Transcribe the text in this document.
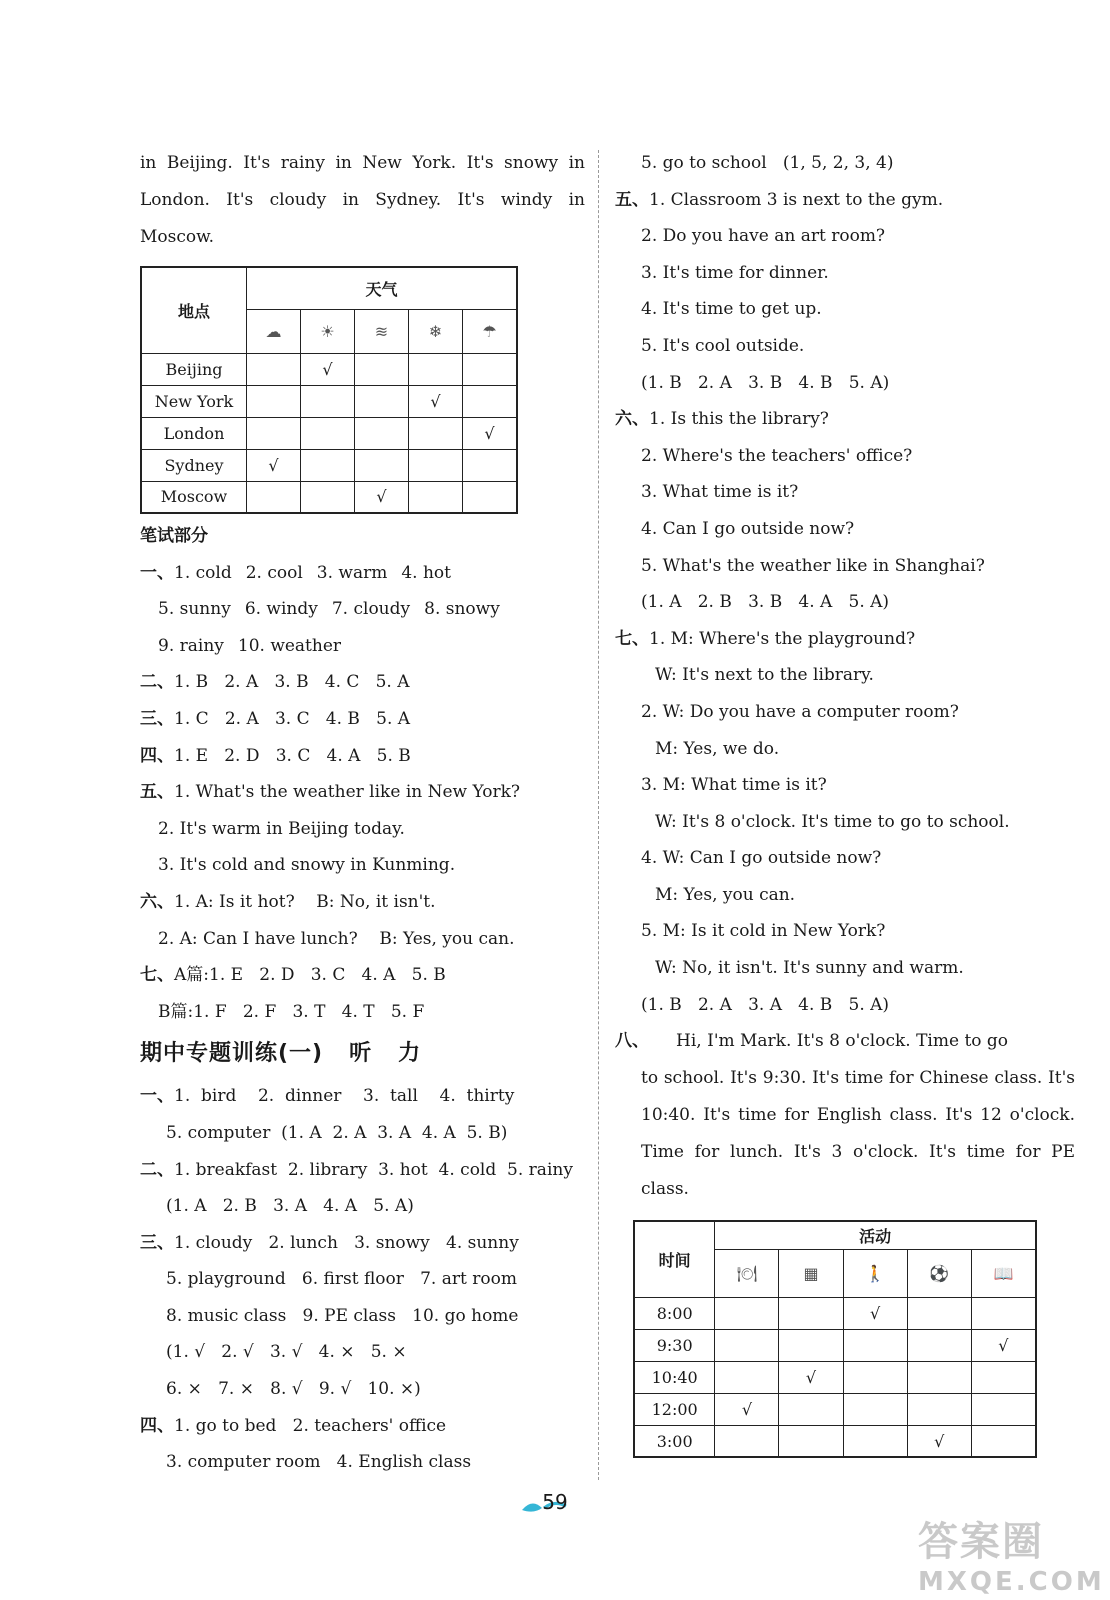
in Beijing. It's rainy in New York. It's snowy in London. It's cloudy in Sydney. It's windy in Moscow.
地点	天气				
	☁	☀	≋	❄	☂
Beijing		√			
New York				√	
London					√
Sydney	√				
Moscow			√		
笔试部分
一、1. cold 2. cool 3. warm 4. hot
5. sunny 6. windy 7. cloudy 8. snowy
9. rainy 10. weather
二、1. B   2. A   3. B   4. C   5. A
三、1. C   2. A   3. C   4. B   5. A
四、1. E   2. D   3. C   4. A   5. B
五、1. What's the weather like in New York?
2. It's warm in Beijing today.
3. It's cold and snowy in Kunming.
六、1. A: Is it hot?    B: No, it isn't.
2. A: Can I have lunch?    B: Yes, you can.
七、A篇:1. E   2. D   3. C   4. A   5. B
B篇:1. F   2. F   3. T   4. T   5. F
期中专题训练(一)   听   力
一、1.  bird    2.  dinner    3.  tall    4.  thirty
5. computer  (1. A  2. A  3. A  4. A  5. B)
二、1. breakfast  2. library  3. hot  4. cold  5. rainy
(1. A   2. B   3. A   4. A   5. A)
三、1. cloudy   2. lunch   3. snowy   4. sunny
5. playground   6. first floor   7. art room
8. music class   9. PE class   10. go home
(1. √   2. √   3. √   4. ×   5. ×
6. ×   7. ×   8. √   9. √   10. ×)
四、1. go to bed   2. teachers' office
3. computer room   4. English class
5. go to school   (1, 5, 2, 3, 4)
五、1. Classroom 3 is next to the gym.
2. Do you have an art room?
3. It's time for dinner.
4. It's time to get up.
5. It's cool outside.
(1. B   2. A   3. B   4. B   5. A)
六、1. Is this the library?
2. Where's the teachers' office?
3. What time is it?
4. Can I go outside now?
5. What's the weather like in Shanghai?
(1. A   2. B   3. B   4. A   5. A)
七、1. M: Where's the playground?
W: It's next to the library.
2. W: Do you have a computer room?
M: Yes, we do.
3. M: What time is it?
W: It's 8 o'clock. It's time to go to school.
4. W: Can I go outside now?
M: Yes, you can.
5. M: Is it cold in New York?
W: No, it isn't. It's sunny and warm.
(1. B   2. A   3. A   4. B   5. A)
八、 Hi, I'm Mark. It's 8 o'clock. Time to go
to school. It's 9:30. It's time for Chinese class. It's 10:40. It's time for English class. It's 12 o'clock. Time for lunch. It's 3 o'clock. It's time for PE class.
时间	活动				
	🍽	▦	🚶	⚽	📖
8:00			√		
9:30					√
10:40		√			
12:00	√				
3:00				√	
59
答案圈
MXQE.COM
